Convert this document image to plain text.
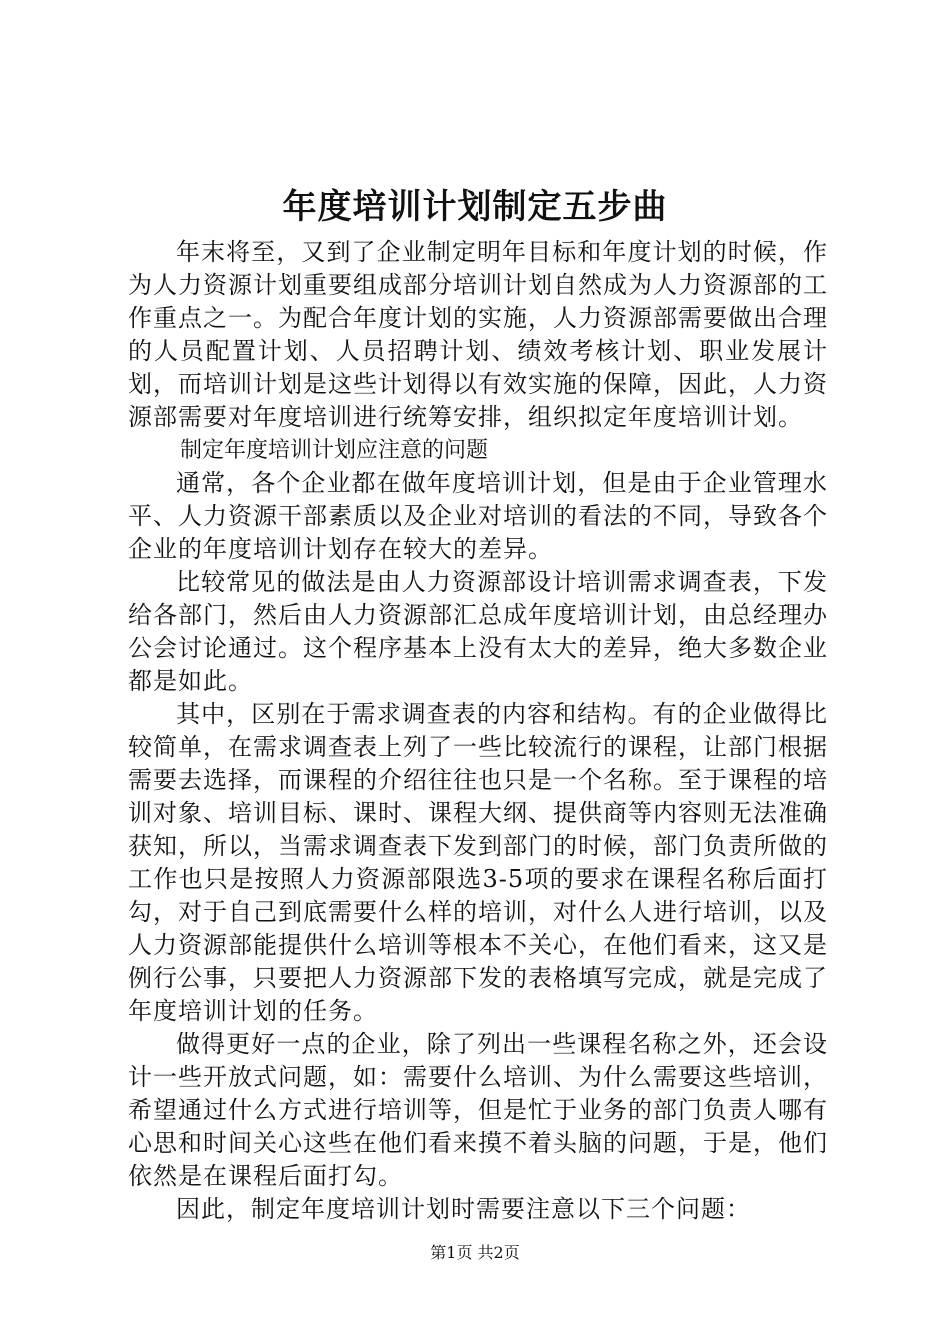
年度培训计划制定五步曲

年末将至，又到了企业制定明年目标和年度计划的时候，作为人力资源计划重要组成部分培训计划自然成为人力资源部的工作重点之一。为配合年度计划的实施，人力资源部需要做出合理的人员配置计划、人员招聘计划、绩效考核计划、职业发展计划，而培训计划是这些计划得以有效实施的保障，因此，人力资源部需要对年度培训进行统筹安排，组织拟定年度培训计划。

制定年度培训计划应注意的问题

通常，各个企业都在做年度培训计划，但是由于企业管理水平、人力资源干部素质以及企业对培训的看法的不同，导致各个企业的年度培训计划存在较大的差异。

比较常见的做法是由人力资源部设计培训需求调查表，下发给各部门，然后由人力资源部汇总成年度培训计划，由总经理办公会讨论通过。这个程序基本上没有太大的差异，绝大多数企业都是如此。

其中，区别在于需求调查表的内容和结构。有的企业做得比较简单，在需求调查表上列了一些比较流行的课程，让部门根据需要去选择，而课程的介绍往往也只是一个名称。至于课程的培训对象、培训目标、课时、课程大纲、提供商等内容则无法准确获知，所以，当需求调查表下发到部门的时候，部门负责所做的工作也只是按照人力资源部限选3-5项的要求在课程名称后面打勾，对于自己到底需要什么样的培训，对什么人进行培训，以及人力资源部能提供什么培训等根本不关心，在他们看来，这又是例行公事，只要把人力资源部下发的表格填写完成，就是完成了年度培训计划的任务。

做得更好一点的企业，除了列出一些课程名称之外，还会设计一些开放式问题，如：需要什么培训、为什么需要这些培训，希望通过什么方式进行培训等，但是忙于业务的部门负责人哪有心思和时间关心这些在他们看来摸不着头脑的问题，于是，他们依然是在课程后面打勾。

因此，制定年度培训计划时需要注意以下三个问题：

第1页 共2页
